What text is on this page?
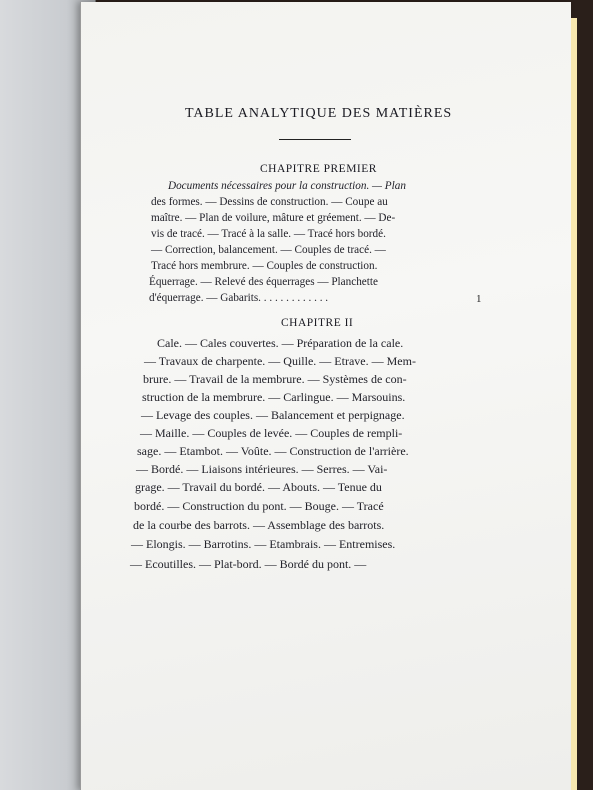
TABLE ANALYTIQUE DES MATIÈRES
CHAPITRE PREMIER
Documents nécessaires pour la construction. — Plan
des formes. — Dessins de construction. — Coupe au
maître. — Plan de voilure, mâture et gréement. — De-
vis de tracé. — Tracé à la salle. — Tracé hors bordé.
— Correction, balancement. — Couples de tracé. —
Tracé hors membrure. — Couples de construction.
Équerrage. — Relevé des équerrages — Planchette
d'équerrage. — Gabarits. . . . . . . . . . . . .	1
CHAPITRE II
Cale. — Cales couvertes. — Préparation de la cale.
— Travaux de charpente. — Quille. — Etrave. — Mem-
brure. — Travail de la membrure. — Systèmes de con-
struction de la membrure. — Carlingue. — Marsouins.
— Levage des couples. — Balancement et perpignage.
— Maille. — Couples de levée. — Couples de rempli-
sage. — Etambot. — Voûte. — Construction de l'arrière.
— Bordé. — Liaisons intérieures. — Serres. — Vai-
grage. — Travail du bordé. — Abouts. — Tenue du
bordé. — Construction du pont. — Bouge. — Tracé
de la courbe des barrots. — Assemblage des barrots.
— Elongis. — Barrotins. — Etambrais. — Entremises.
— Ecoutilles. — Plat-bord. — Bordé du pont. —
